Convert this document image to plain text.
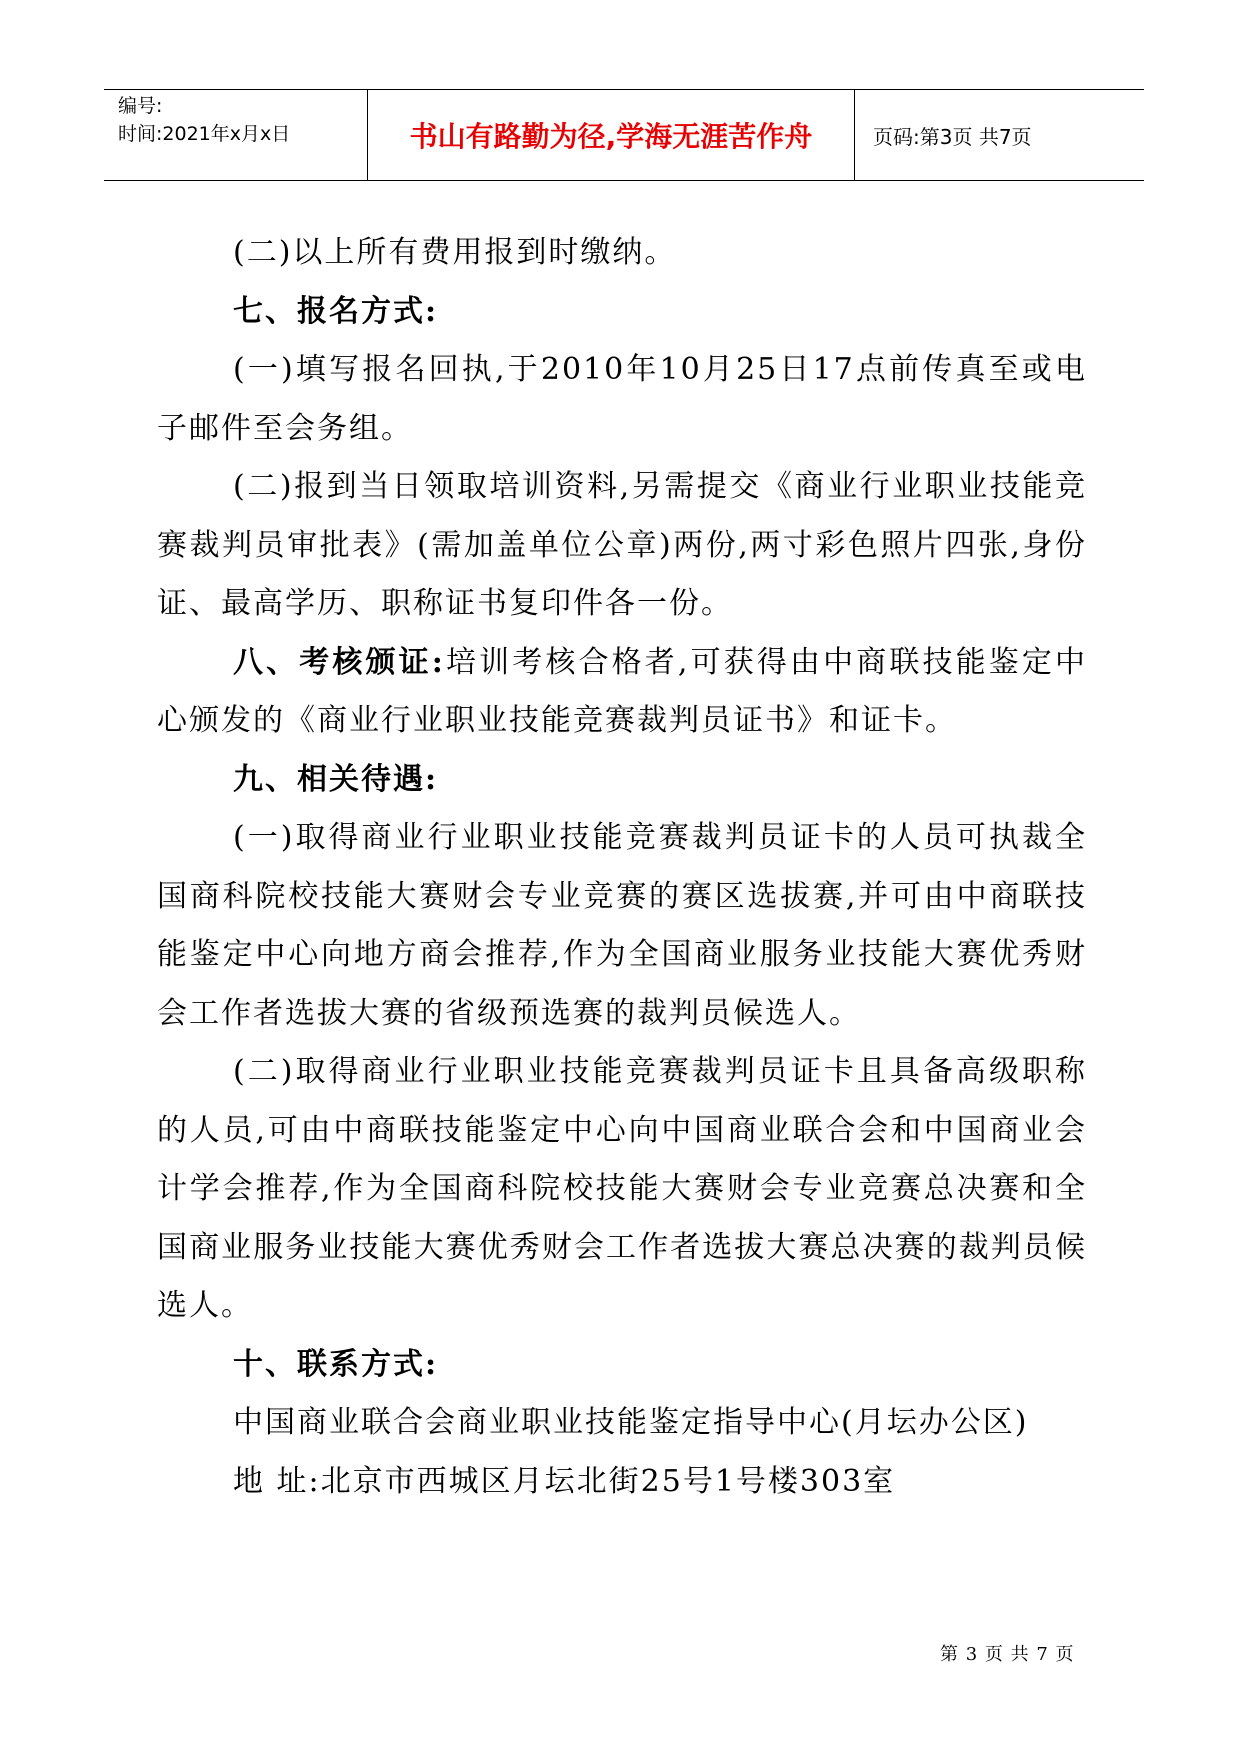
编号:
时间:2021年x月x日	书山有路勤为径,学海无涯苦作舟	页码:第3页 共7页

(二)以上所有费用报到时缴纳。

七、报名方式:

(一)填写报名回执,于2010年10月25日17点前传真至或电子邮件至会务组。

(二)报到当日领取培训资料,另需提交《商业行业职业技能竞赛裁判员审批表》(需加盖单位公章)两份,两寸彩色照片四张,身份证、最高学历、职称证书复印件各一份。

八、考核颁证:培训考核合格者,可获得由中商联技能鉴定中心颁发的《商业行业职业技能竞赛裁判员证书》和证卡。

九、相关待遇:

(一)取得商业行业职业技能竞赛裁判员证卡的人员可执裁全国商科院校技能大赛财会专业竞赛的赛区选拔赛,并可由中商联技能鉴定中心向地方商会推荐,作为全国商业服务业技能大赛优秀财会工作者选拔大赛的省级预选赛的裁判员候选人。

(二)取得商业行业职业技能竞赛裁判员证卡且具备高级职称的人员,可由中商联技能鉴定中心向中国商业联合会和中国商业会计学会推荐,作为全国商科院校技能大赛财会专业竞赛总决赛和全国商业服务业技能大赛优秀财会工作者选拔大赛总决赛的裁判员候选人。

十、联系方式:

中国商业联合会商业职业技能鉴定指导中心(月坛办公区)

地 址:北京市西城区月坛北街25号1号楼303室

第 3 页 共 7 页
